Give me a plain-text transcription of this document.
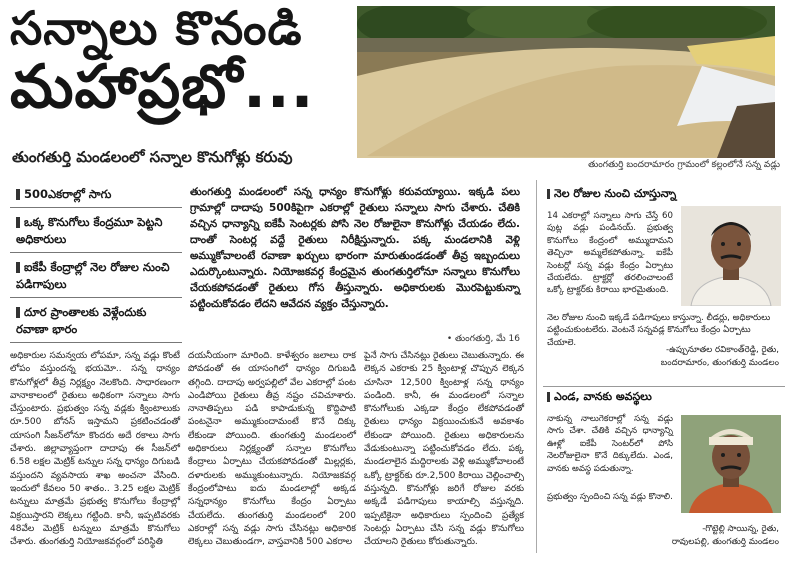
సన్నాలు కొనండి
మహాప్రభో...
తుంగతుర్తి మండలంలో సన్నాల కొనుగోళ్లు కరువు	తుంగతుర్తి బందరామారం గ్రామంలో కల్లంలోనే సన్న వడ్లు
500ఎకరాల్లో సాగు
ఒక్క కొనుగోలు కేంద్రమూ పెట్టని అధికారులు
ఐకేపీ కేంద్రాల్లో నెల రోజుల నుంచి పడిగాపులు
దూర ప్రాంతాలకు వెళ్లేందుకు రవాణా భారం
తుంగతుర్తి మండలంలో సన్న ధాన్యం కొనుగోళ్లు కరువయ్యాయి. ఇక్కడి పలు గ్రామాల్లో దాదాపు 500కిపైగా ఎకరాల్లో రైతులు సన్నాలు సాగు చేశారు. చేతికి వచ్చిన ధాన్యాన్ని ఐకేపీ సెంటర్లకు పోసి నెల రోజులైనా కొనుగోళ్లు చేయడం లేదు. దాంతో సెంటర్ల వద్దే రైతులు నిరీక్షిస్తున్నారు. పక్క మండలానికి వెళ్లి అమ్ముకోవాలంటే రవాణా ఖర్చులు భారంగా మారుతుండడంతో తీవ్ర ఇబ్బందులు ఎదుర్కొంటున్నారు. నియోజకవర్గ కేంద్రమైన తుంగతుర్తిలోనూ సన్నాలు కొనుగోలు చేయకపోవడంతో రైతులు గోస తీస్తున్నారు. అధికారులకు మొరపెట్టుకున్నా పట్టించుకోవడం లేదని ఆవేదన వ్యక్తం చేస్తున్నారు.
• తుంగతుర్తి, మే 16
అధికారుల సమన్వయ లోపమా, సన్న వడ్లు కొంటే లోపం వస్తుందన్న భయమో.. సన్న ధాన్యం కొనుగోళ్లలో తీవ్ర నిర్లక్ష్యం నెలకొంది. సాధారణంగా వానాకాలంలో రైతులు అధికంగా సన్నాలు సాగు చేస్తుంటారు. ప్రభుత్వం సన్న వడ్లకు క్వింటాలుకు రూ.500 బోనస్ ఇస్తామని ప్రకటించడంతో యాసంగి సీజన్‌లోనూ కొందరు అదే రకాలు సాగు చేశారు. జిల్లావ్యాప్తంగా దాదాపు ఈ సీజన్‌లో 6.58 లక్షల మెట్రిక్ టన్నుల సన్న ధాన్యం దిగుబడి వస్తుందని వ్యవసాయ శాఖ అంచనా వేసింది. ఇందులో కేవలం 50 శాతం.. 3.25 లక్షల మెట్రిక్ టన్నులు మాత్రమే ప్రభుత్వ కొనుగోలు కేంద్రాల్లో విక్రయిస్తారని లెక్కలు గట్టింది. కానీ, ఇప్పటివరకు 48వేల మెట్రిక్ టన్నులు మాత్రమే కొనుగోలు చేశారు. తుంగతుర్తి నియోజకవర్గంలో పరిస్థితి
దయనీయంగా మారింది. కాళేశ్వరం జలాలు రాక పోవడంతో ఈ యాసంగిలో ధాన్యం దిగుబడి తగ్గింది. దాదాపు అర్వపల్లిలో వేల ఎకరాల్లో పంట ఎండిపోయి రైతులు తీవ్ర నష్టం చవిచూశారు. నానాతిప్పలు పడి కాపాడుకున్న కొద్దిపాటి పంటనైనా అమ్ముకుందామంటే కొనే దిక్కు లేకుండా పోయింది. తుంగతుర్తి మండలంలో అధికారులు నిర్లక్ష్యంతో సన్నాల కొనుగోలు కేంద్రాలు ఏర్పాటు చేయకపోవడంతో మిల్లర్లకు, దళారులకు అమ్ముకుంటున్నారు. నియోజకవర్గ కేంద్రంలోపాటు ఐదు మండలాల్లో అక్కడ సన్నధాన్యం కొనుగోలు కేంద్రం ఏర్పాటు చేయలేదు. తుంగతుర్తి మండలంలో 200 ఎకరాల్లో సన్న వడ్లు సాగు చేసినట్లు అధికారిక లెక్కలు చెబుతుండగా, వాస్తవానికి 500 ఎకరాల
పైనే సాగు చేసినట్లు రైతులు చెబుతున్నారు. ఈ లెక్కన ఎకరాకు 25 క్వింటాళ్ల చొప్పున లెక్కన చూసినా 12,500 క్వింటాళ్ల సన్న ధాన్యం పండింది. కానీ, ఈ మండలంలో సన్నాల కొనుగోలుకు ఎక్కడా కేంద్రం లేకపోవడంతో రైతులు ధాన్యం విక్రయించుకునే అవకాశం లేకుండా పోయింది. రైతులు అధికారులను వేడుకుంటున్నా పట్టించుకోవడం లేదు. పక్క మండలాలైన మద్దిరాలకు వెళ్లి అమ్ముకోవాలంటే ఒక్కో ట్రాక్టర్‌కు రూ.2,500 కిరాయి చెల్లించాల్సి వస్తున్నది. కొనుగోళ్లు జరిగే రోజుల వరకు అక్కడే పడిగాపులు కాయాల్సి వస్తున్నది. ఇప్పటికైనా అధికారులు స్పందించి ప్రత్యేక సెంటర్లు ఏర్పాటు చేసి సన్న వడ్లు కొనుగోలు చేయాలని రైతులు కోరుతున్నారు.
నెల రోజుల నుంచి చూస్తున్నా
14 ఎకరాల్లో సన్నాలు సాగు చేస్తే 60 పుట్ల వడ్లు పండినయ్. ప్రభుత్వ కొనుగోలు కేంద్రంలో అమ్ముదామని తెచ్చినా అమ్మలేకపోతున్నా. ఐకేపీ సెంటర్లో సన్న వడ్లు కేంద్రం ఏర్పాటు చేయలేదు. ట్రాక్టర్లో తరలించాలంటే ఒక్కో ట్రాక్టర్‌కు కిరాయి భారమైతుంది.
నెల రోజుల నుంచి ఇక్కడే పడిగాపులు కాస్తున్నా. లీడర్లు, అధికారులు పట్టించుకుంటలేరు. వెంటనే సన్నవడ్ల కొనుగోలు కేంద్రం ఏర్పాటు చేయాలె.
-ఉప్పునూతల రవికాంత్‌రెడ్డి, రైతు,
బందరామారం, తుంగతుర్తి మండలం
ఎండ, వానకు అవస్థలు
నాకున్న నాలుగెకరాల్లో సన్న వడ్లు సాగు చేశా. చేతికి వచ్చిన ధాన్యాన్ని ఊళ్లో ఐకేపీ సెంటర్‌లో పోసి నెలరోజులైనా కొనే దిక్కులేదు. ఎండ, వానకు అవస్థ పడుతున్నా.
ప్రభుత్వం స్పందించి సన్న వడ్లు కొనాలి.
-గొట్టెల్లి సాయిన్న, రైతు,
రావులపల్లి, తుంగతుర్తి మండలం
